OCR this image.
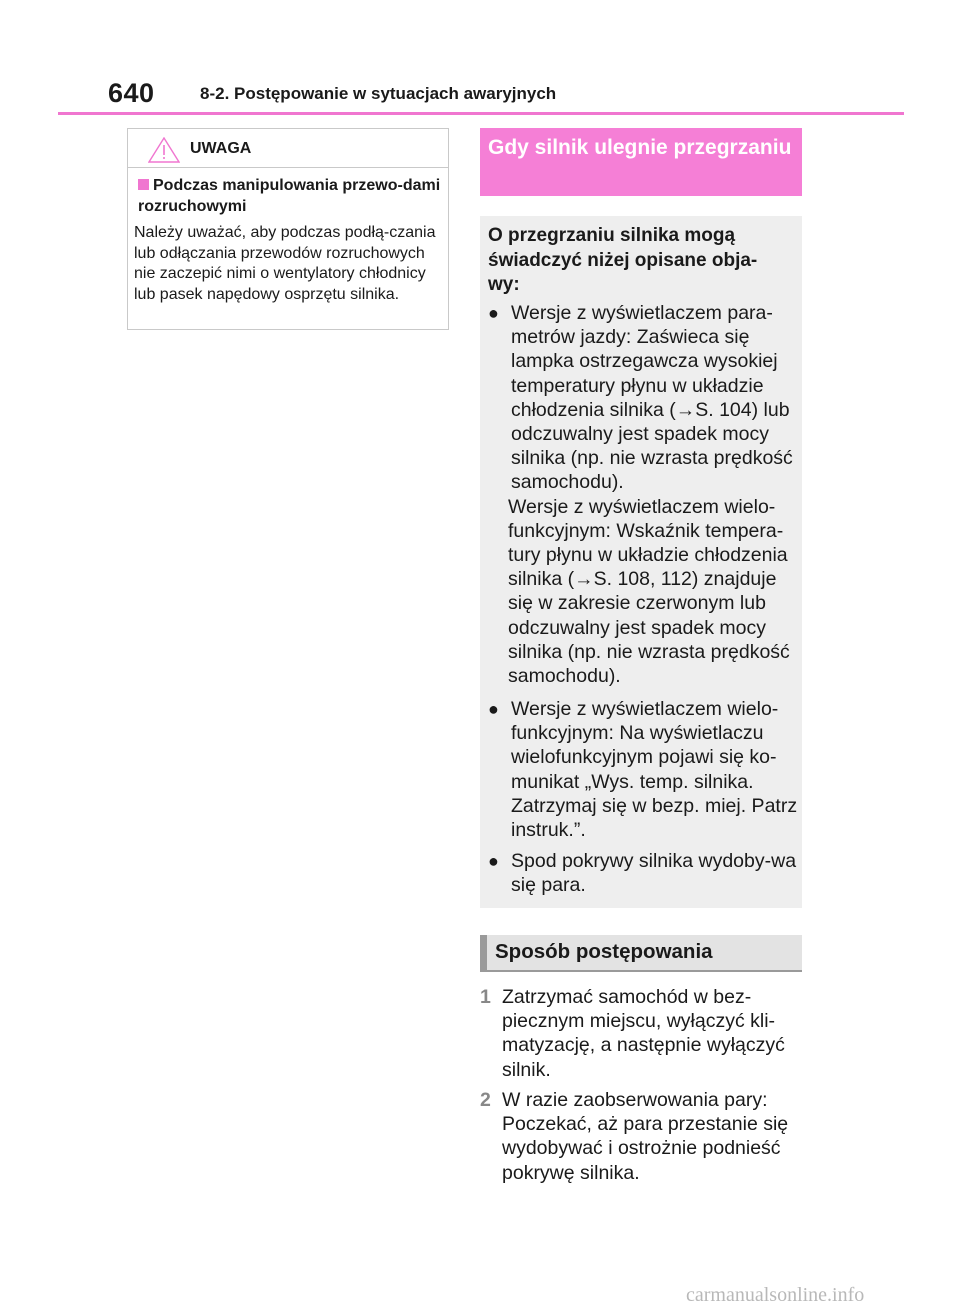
640	8-2. Postępowanie w sytuacjach awaryjnych
UWAGA
Podczas manipulowania przewo-dami rozruchowymi
Należy uważać, aby podczas podłą-czania lub odłączania przewodów rozruchowych nie zaczepić nimi o wentylatory chłodnicy lub pasek napędowy osprzętu silnika.
Gdy silnik ulegnie przegrzaniu
O przegrzaniu silnika mogą świadczyć niżej opisane obja-wy:
● Wersje z wyświetlaczem para-metrów jazdy: Zaświeca się lampka ostrzegawcza wysokiej temperatury płynu w układzie chłodzenia silnika (→S. 104) lub odczuwalny jest spadek mocy silnika (np. nie wzrasta prędkość samochodu).
Wersje z wyświetlaczem wielo-funkcyjnym: Wskaźnik tempera-tury płynu w układzie chłodzenia silnika (→S. 108, 112) znajduje się w zakresie czerwonym lub odczuwalny jest spadek mocy silnika (np. nie wzrasta prędkość samochodu).
● Wersje z wyświetlaczem wielo-funkcyjnym: Na wyświetlaczu wielofunkcyjnym pojawi się ko-munikat „Wys. temp. silnika. Zatrzymaj się w bezp. miej. Patrz instruk.”.
● Spod pokrywy silnika wydoby-wa się para.
Sposób postępowania
1 Zatrzymać samochód w bez-piecznym miejscu, wyłączyć kli-matyzację, a następnie wyłączyć silnik.
2 W razie zaobserwowania pary: Poczekać, aż para przestanie się wydobywać i ostrożnie podnieść pokrywę silnika.
carmanualsonline.info
